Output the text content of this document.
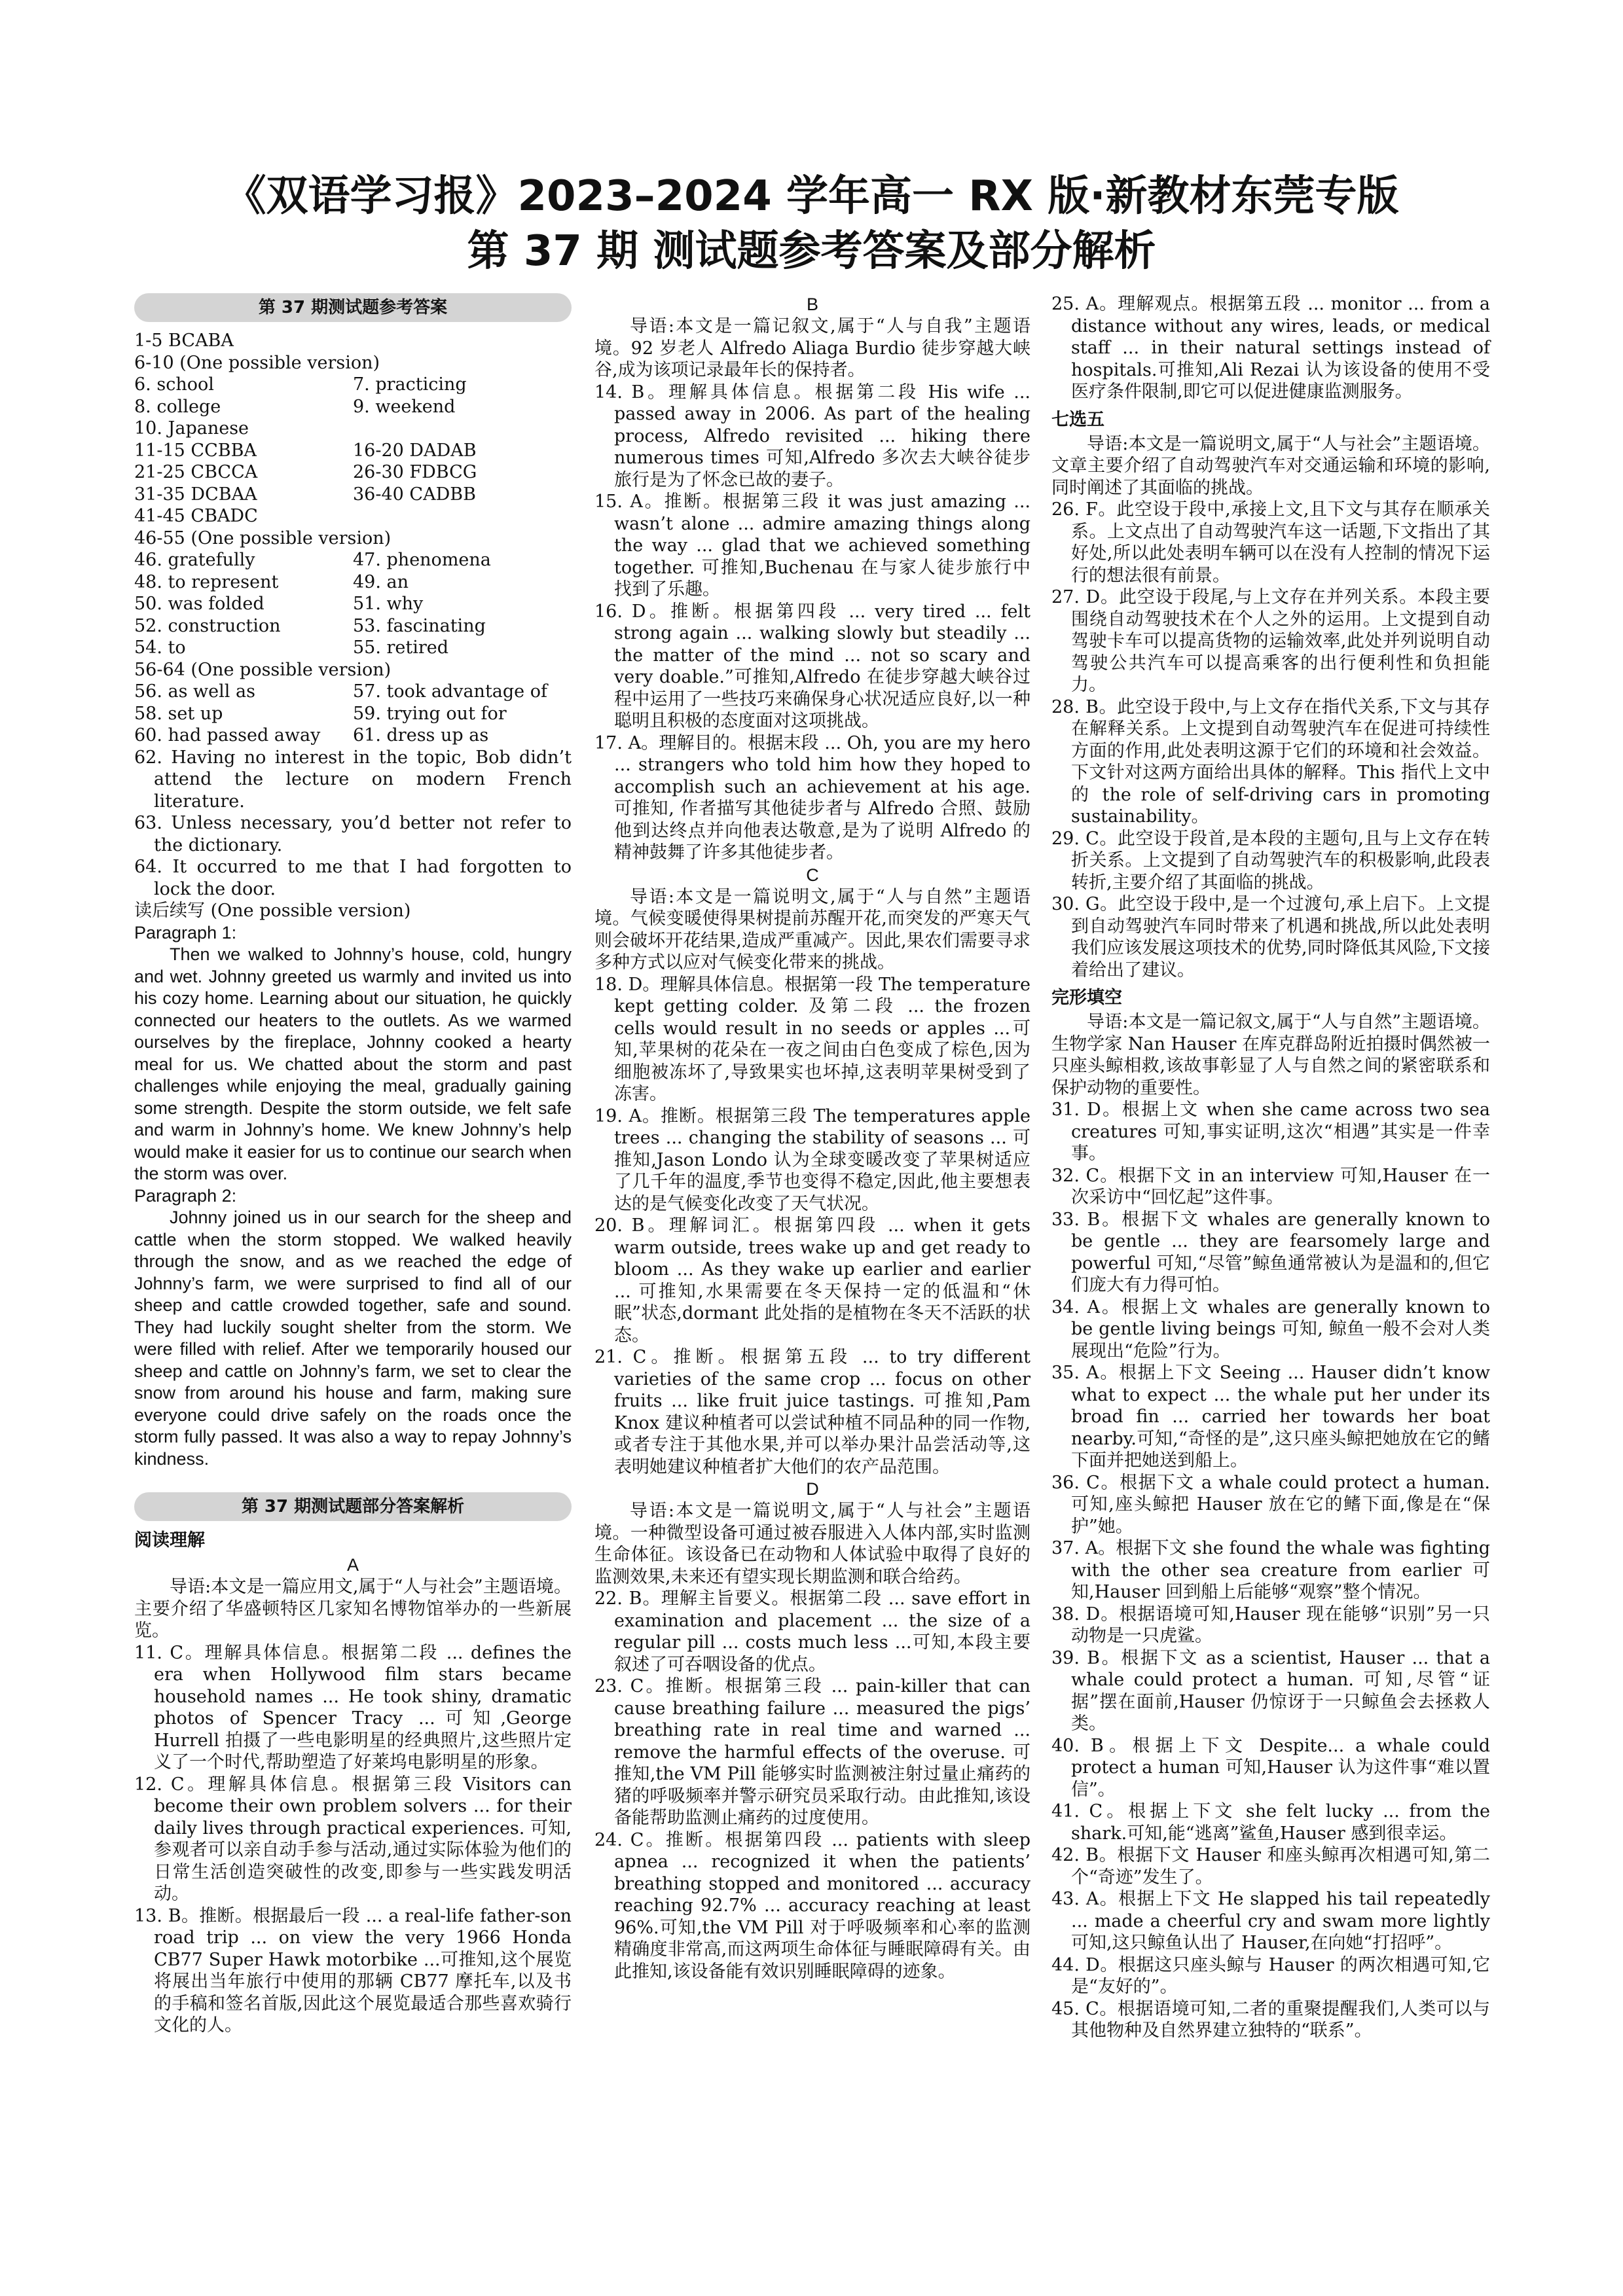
《双语学习报》2023–2024 学年高一 RX 版·新教材东莞专版
第 37 期 测试题参考答案及部分解析
第 37 期测试题参考答案
1-5 BCABA
6-10 (One possible version)
6. school	7. practicing
8. college	9. weekend
10. Japanese
11-15 CCBBA	16-20 DADAB
21-25 CBCCA	26-30 FDBCG
31-35 DCBAA	36-40 CADBB
41-45 CBADC
46-55 (One possible version)
46. gratefully	47. phenomena
48. to represent	49. an
50. was folded	51. why
52. construction	53. fascinating
54. to	55. retired
56-64 (One possible version)
56. as well as	57. took advantage of
58. set up	59. trying out for
60. had passed away	61. dress up as
62. Having no interest in the topic, Bob didn’t attend the lecture on modern French literature.
63. Unless necessary, you’d better not refer to the dictionary.
64. It occurred to me that I had forgotten to lock the door.
读后续写 (One possible version)
Paragraph 1:
Then we walked to Johnny’s house, cold, hungry and wet. Johnny greeted us warmly and invited us into his cozy home. Learning about our situation, he quickly connected our heaters to the outlets. As we warmed ourselves by the fireplace, Johnny cooked a hearty meal for us. We chatted about the storm and past challenges while enjoying the meal, gradually gaining some strength. Despite the storm outside, we felt safe and warm in Johnny’s home. We knew Johnny’s help would make it easier for us to continue our search when the storm was over.
Paragraph 2:
Johnny joined us in our search for the sheep and cattle when the storm stopped. We walked heavily through the snow, and as we reached the edge of Johnny’s farm, we were surprised to find all of our sheep and cattle crowded together, safe and sound. They had luckily sought shelter from the storm. We were filled with relief. After we temporarily housed our sheep and cattle on Johnny’s farm, we set to clear the snow from around his house and farm, making sure everyone could drive safely on the roads once the storm fully passed. It was also a way to repay Johnny’s kindness.
第 37 期测试题部分答案解析
阅读理解
A
导语:本文是一篇应用文,属于“人与社会”主题语境。主要介绍了华盛顿特区几家知名博物馆举办的一些新展览。
11. C。理解具体信息。根据第二段 ... defines the era when Hollywood film stars became household names ... He took shiny, dramatic photos of Spencer Tracy ...可知,George Hurrell 拍摄了一些电影明星的经典照片,这些照片定义了一个时代,帮助塑造了好莱坞电影明星的形象。
12. C。理解具体信息。根据第三段 Visitors can become their own problem solvers ... for their daily lives through practical experiences. 可知,参观者可以亲自动手参与活动,通过实际体验为他们的日常生活创造突破性的改变,即参与一些实践发明活动。
13. B。推断。根据最后一段 ... a real-life father-son road trip ... on view the very 1966 Honda CB77 Super Hawk motorbike ...可推知,这个展览将展出当年旅行中使用的那辆 CB77 摩托车,以及书的手稿和签名首版,因此这个展览最适合那些喜欢骑行文化的人。
B
导语:本文是一篇记叙文,属于“人与自我”主题语境。92 岁老人 Alfredo Aliaga Burdio 徒步穿越大峡谷,成为该项记录最年长的保持者。
14. B。理解具体信息。根据第二段 His wife ... passed away in 2006. As part of the healing process, Alfredo revisited ... hiking there numerous times 可知,Alfredo 多次去大峡谷徒步旅行是为了怀念已故的妻子。
15. A。推断。根据第三段 it was just amazing ... wasn’t alone ... admire amazing things along the way ... glad that we achieved something together. 可推知,Buchenau 在与家人徒步旅行中找到了乐趣。
16. D。推断。根据第四段 ... very tired ... felt strong again ... walking slowly but steadily ... the matter of the mind ... not so scary and very doable.”可推知,Alfredo 在徒步穿越大峡谷过程中运用了一些技巧来确保身心状况适应良好,以一种聪明且积极的态度面对这项挑战。
17. A。理解目的。根据末段 ... Oh, you are my hero ... strangers who told him how they hoped to accomplish such an achievement at his age. 可推知, 作者描写其他徒步者与 Alfredo 合照、鼓励他到达终点并向他表达敬意,是为了说明 Alfredo 的精神鼓舞了许多其他徒步者。
C
导语:本文是一篇说明文,属于“人与自然”主题语境。气候变暖使得果树提前苏醒开花,而突发的严寒天气则会破坏开花结果,造成严重减产。因此,果农们需要寻求多种方式以应对气候变化带来的挑战。
18. D。理解具体信息。根据第一段 The temperature kept getting colder. 及第二段 ... the frozen cells would result in no seeds or apples ...可知,苹果树的花朵在一夜之间由白色变成了棕色,因为细胞被冻坏了,导致果实也坏掉,这表明苹果树受到了冻害。
19. A。推断。根据第三段 The temperatures apple trees ... changing the stability of seasons ... 可推知,Jason Londo 认为全球变暖改变了苹果树适应了几千年的温度,季节也变得不稳定,因此,他主要想表达的是气候变化改变了天气状况。
20. B。理解词汇。根据第四段 ... when it gets warm outside, trees wake up and get ready to bloom ... As they wake up earlier and earlier ... 可推知,水果需要在冬天保持一定的低温和“休眠”状态,dormant 此处指的是植物在冬天不活跃的状态。
21. C。推断。根据第五段 ... to try different varieties of the same crop ... focus on other fruits ... like fruit juice tastings. 可推知,Pam Knox 建议种植者可以尝试种植不同品种的同一作物,或者专注于其他水果,并可以举办果汁品尝活动等,这表明她建议种植者扩大他们的农产品范围。
D
导语:本文是一篇说明文,属于“人与社会”主题语境。一种微型设备可通过被吞服进入人体内部,实时监测生命体征。该设备已在动物和人体试验中取得了良好的监测效果,未来还有望实现长期监测和联合给药。
22. B。理解主旨要义。根据第二段 ... save effort in examination and placement ... the size of a regular pill ... costs much less ...可知,本段主要叙述了可吞咽设备的优点。
23. C。推断。根据第三段 ... pain-killer that can cause breathing failure ... measured the pigs’ breathing rate in real time and warned ... remove the harmful effects of the overuse. 可推知,the VM Pill 能够实时监测被注射过量止痛药的猪的呼吸频率并警示研究员采取行动。由此推知,该设备能帮助监测止痛药的过度使用。
24. C。推断。根据第四段 ... patients with sleep apnea ... recognized it when the patients’ breathing stopped and monitored ... accuracy reaching 92.7% ... accuracy reaching at least 96%.可知,the VM Pill 对于呼吸频率和心率的监测精确度非常高,而这两项生命体征与睡眠障碍有关。由此推知,该设备能有效识别睡眠障碍的迹象。
25. A。理解观点。根据第五段 ... monitor ... from a distance without any wires, leads, or medical staff ... in their natural settings instead of hospitals.可推知,Ali Rezai 认为该设备的使用不受医疗条件限制,即它可以促进健康监测服务。
七选五
导语:本文是一篇说明文,属于“人与社会”主题语境。文章主要介绍了自动驾驶汽车对交通运输和环境的影响,同时阐述了其面临的挑战。
26. F。此空设于段中,承接上文,且下文与其存在顺承关系。上文点出了自动驾驶汽车这一话题,下文指出了其好处,所以此处表明车辆可以在没有人控制的情况下运行的想法很有前景。
27. D。此空设于段尾,与上文存在并列关系。本段主要围绕自动驾驶技术在个人之外的运用。上文提到自动驾驶卡车可以提高货物的运输效率,此处并列说明自动驾驶公共汽车可以提高乘客的出行便利性和负担能力。
28. B。此空设于段中,与上文存在指代关系,下文与其存在解释关系。上文提到自动驾驶汽车在促进可持续性方面的作用,此处表明这源于它们的环境和社会效益。下文针对这两方面给出具体的解释。This 指代上文中的 the role of self-driving cars in promoting sustainability。
29. C。此空设于段首,是本段的主题句,且与上文存在转折关系。上文提到了自动驾驶汽车的积极影响,此段表转折,主要介绍了其面临的挑战。
30. G。此空设于段中,是一个过渡句,承上启下。上文提到自动驾驶汽车同时带来了机遇和挑战,所以此处表明我们应该发展这项技术的优势,同时降低其风险,下文接着给出了建议。
完形填空
导语:本文是一篇记叙文,属于“人与自然”主题语境。生物学家 Nan Hauser 在库克群岛附近拍摄时偶然被一只座头鲸相救,该故事彰显了人与自然之间的紧密联系和保护动物的重要性。
31. D。根据上文 when she came across two sea creatures 可知,事实证明,这次“相遇”其实是一件幸事。
32. C。根据下文 in an interview 可知,Hauser 在一次采访中“回忆起”这件事。
33. B。根据下文 whales are generally known to be gentle ... they are fearsomely large and powerful 可知,“尽管”鲸鱼通常被认为是温和的,但它们庞大有力得可怕。
34. A。根据上文 whales are generally known to be gentle living beings 可知, 鲸鱼一般不会对人类展现出“危险”行为。
35. A。根据上下文 Seeing ... Hauser didn’t know what to expect ... the whale put her under its broad fin ... carried her towards her boat nearby.可知,“奇怪的是”,这只座头鲸把她放在它的鳍下面并把她送到船上。
36. C。根据下文 a whale could protect a human. 可知,座头鲸把 Hauser 放在它的鳍下面,像是在“保护”她。
37. A。根据下文 she found the whale was fighting with the other sea creature from earlier 可知,Hauser 回到船上后能够“观察”整个情况。
38. D。根据语境可知,Hauser 现在能够“识别”另一只动物是一只虎鲨。
39. B。根据下文 as a scientist, Hauser ... that a whale could protect a human. 可知,尽管“证据”摆在面前,Hauser 仍惊讶于一只鲸鱼会去拯救人类。
40. B。根据上下文 Despite... a whale could protect a human 可知,Hauser 认为这件事“难以置信”。
41. C。根据上下文 she felt lucky ... from the shark.可知,能“逃离”鲨鱼,Hauser 感到很幸运。
42. B。根据下文 Hauser 和座头鲸再次相遇可知,第二个“奇迹”发生了。
43. A。根据上下文 He slapped his tail repeatedly ... made a cheerful cry and swam more lightly 可知,这只鲸鱼认出了 Hauser,在向她“打招呼”。
44. D。根据这只座头鲸与 Hauser 的两次相遇可知,它是“友好的”。
45. C。根据语境可知,二者的重聚提醒我们,人类可以与其他物种及自然界建立独特的“联系”。
